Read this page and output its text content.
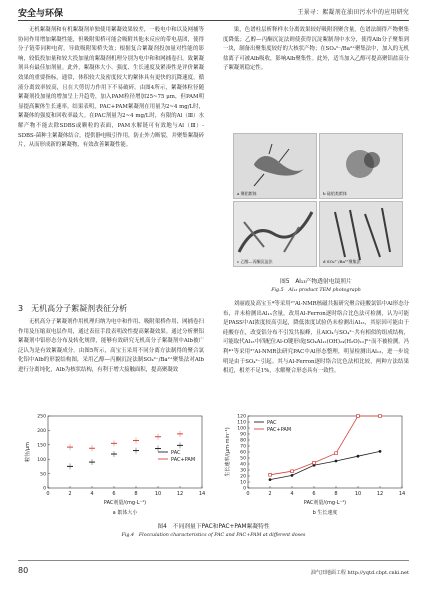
安全与环保	王景寻：絮凝剂在油田污水中的应用研究

无机絮凝剂和有机絮凝剂单独使用絮凝效果较差，一般电中和以及网捕等协同作用增加絮凝性能，但吸附架桥可能会吸附其他未反应的带电基团，使得分子链带同种电荷，导致吸附架桥失效；根据复合絮凝剂投加量对性能的影响，较低投加量和较大投加量的絮凝剂机理分别为电中和和网捕卷扫，致絮凝剂具有最佳加剂量。此外，絮凝体大小、强度、生长速度及紧凑性是评价絮凝效果的重要指标，通常，体积较大及密度较大的絮体具有更快的沉降速度，循液分离效率较高，且在大剪切力作用下不易破碎。由图4所示，絮凝体粒径随絮凝剂投加量的增加呈上升趋势，加入PAM粒径增加25~75 μm，但PAM明显提高絮体生长速率。结果表明，PAC+PAM絮凝剂在用量为2~4 mg/L时，絮凝体的强度和回收率最大。在PAC剂量为2~4 mg/L时，有限的Al（Ⅲ）水解产物不能去除SDBS或颗粒的表面，PAM水解链可有效地与Al（Ⅲ）-SDBS-菌种主絮凝体结合，提供静电吸引作用，防止外力断裂，并聚集絮凝碎片，从而形成新的絮凝物，有效改善絮凝性能。

3　无机高分子絮凝剂表征分析

无机高分子絮凝剂作用机理归纳为电中和作用、吸附架桥作用、网捕卷扫作用及压缩双电层作用，通过表征手段表明改性提高絮凝效果。通过分析聚铝絮凝剂中铝形态分布及转化规律，能够有效研究无机高分子絮凝剂中Alb被广泛认为是有效絮凝成分。由图5所示，高宝玉采用不同分离方法制得的聚合氯化铝中Alb的形貌结构图，采用乙醇—丙酮沉淀法制SO₄²⁻/Ba²⁺聚集法对Alb进行分离纯化，Alb为核状结构，有利于增大接触面积，提高聚凝效

果，色谱柱层析释样水分离效果较好吸附剂聚含量，色谱法制得产物聚集度降低；乙醇—丙酮沉淀法则使获得沉淀絮制剂中水分，使得Alb分子聚集到一块，制备出聚集度较好的大核状产物；在SO₄²⁻/Ba²⁺聚集法中，加入的无机盐离子可被Alb吸收，影响Alb聚集性。此外，适当加入乙醇可提高聚铝盐高分子絮凝剂稳定性。

a 聚铝絮体	b 硅铝类絮体
c 乙醇—丙酮沉淀法	d SO₄²⁻/Ba²⁺聚集法
图5　Al₁₃产物透射电镜照片
Fig.5　Al₁₃ product TEM photograph

刘丽霞及高宝玉*等采用²⁷Al-NMR核磁共振研究聚合硅酸氯铝中Al形态分布，并未检测出Al₁₃含量，改用Al-Ferron逐时络合比色法可检测，认为可能是PASS中Al浓度较高引起，降低浓度试验仍未检测出Al₁₃，其原因可能由于硅酸存在，改变铝分布不引发共振峰，且AlO₄与SO₄²⁻共有相似的组成结构，可能取代Al₁₃中四配位Al-O键形成[SO₄Al₁₂(OH)₂₄(H₂O)₁₂]⁶⁺而不被检测。冯利*¹等采用²⁷Al-NMR法研究PAC中Al形态整理，明显检测出Al₁₃，进一步说明是由于SO₄²⁻引起。其与Al-Ferron逐时络合比色法相比较，两种方法结果相近，相差不足1%，水解聚合形态具有一致性。

0	2	4	6	8	10	12	14
0
50
100
150
200
250
PAC剂量/(mg·L⁻¹)
粒径/μm
a 絮体大小
PAC
PAC+PAM
0	2	4	6	8	10	12	14
0
10
20
30
40
50
60
70
80
90
100
110
120
PAC剂量/(mg·L⁻¹)
生长速率/(μm·min⁻¹)
b 生长速度
PAC
PAC+PAM
图4　不同剂量下PAC和PAC+PAM絮凝特性
Fig.4　Flocculation characteristics of PAC and PAC+PAM at different doses
80	油气田地面工程 http://yqtd.cbpt.cnki.net
